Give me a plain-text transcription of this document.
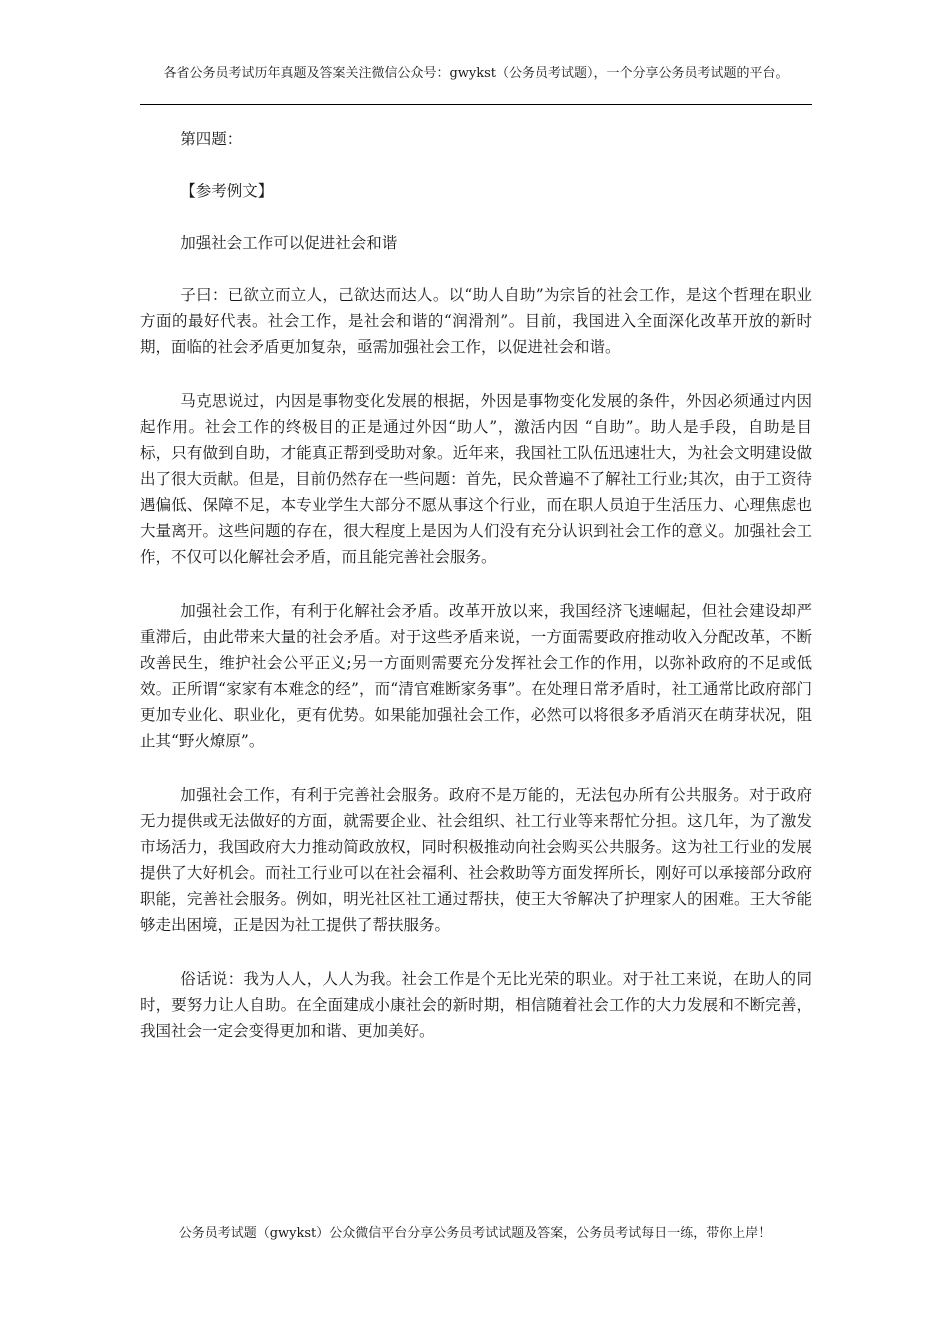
各省公务员考试历年真题及答案关注微信公众号：gwykst（公务员考试题），一个分享公务员考试题的平台。

第四题：

【参考例文】

加强社会工作可以促进社会和谐

子曰：已欲立而立人，己欲达而达人。以“助人自助”为宗旨的社会工作，是这个哲理在职业方面的最好代表。社会工作，是社会和谐的“润滑剂”。目前，我国进入全面深化改革开放的新时期，面临的社会矛盾更加复杂，亟需加强社会工作，以促进社会和谐。

马克思说过，内因是事物变化发展的根据，外因是事物变化发展的条件，外因必须通过内因起作用。社会工作的终极目的正是通过外因“助人”，激活内因 “自助”。助人是手段，自助是目标，只有做到自助，才能真正帮到受助对象。近年来，我国社工队伍迅速壮大，为社会文明建设做出了很大贡献。但是，目前仍然存在一些问题：首先，民众普遍不了解社工行业;其次，由于工资待遇偏低、保障不足，本专业学生大部分不愿从事这个行业，而在职人员迫于生活压力、心理焦虑也大量离开。这些问题的存在，很大程度上是因为人们没有充分认识到社会工作的意义。加强社会工作，不仅可以化解社会矛盾，而且能完善社会服务。

加强社会工作，有利于化解社会矛盾。改革开放以来，我国经济飞速崛起，但社会建设却严重滞后，由此带来大量的社会矛盾。对于这些矛盾来说，一方面需要政府推动收入分配改革，不断改善民生，维护社会公平正义;另一方面则需要充分发挥社会工作的作用，以弥补政府的不足或低效。正所谓“家家有本难念的经”，而“清官难断家务事”。在处理日常矛盾时，社工通常比政府部门更加专业化、职业化，更有优势。如果能加强社会工作，必然可以将很多矛盾消灭在萌芽状况，阻止其“野火燎原”。

加强社会工作，有利于完善社会服务。政府不是万能的，无法包办所有公共服务。对于政府无力提供或无法做好的方面，就需要企业、社会组织、社工行业等来帮忙分担。这几年，为了激发市场活力，我国政府大力推动简政放权，同时积极推动向社会购买公共服务。这为社工行业的发展提供了大好机会。而社工行业可以在社会福利、社会救助等方面发挥所长，刚好可以承接部分政府职能，完善社会服务。例如，明光社区社工通过帮扶，使王大爷解决了护理家人的困难。王大爷能够走出困境，正是因为社工提供了帮扶服务。

俗话说：我为人人，人人为我。社会工作是个无比光荣的职业。对于社工来说，在助人的同时，要努力让人自助。在全面建成小康社会的新时期，相信随着社会工作的大力发展和不断完善，我国社会一定会变得更加和谐、更加美好。

公务员考试题（gwykst）公众微信平台分享公务员考试试题及答案，公务员考试每日一练，带你上岸！
